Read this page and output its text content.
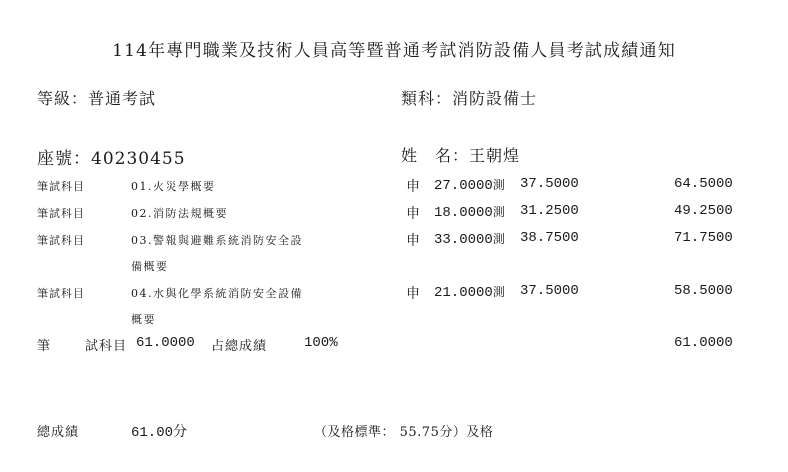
114年專門職業及技術人員高等暨普通考試消防設備人員考試成績通知
等級：普通考試	類科：消防設備士
座號：40230455	姓　名：王朝煌
筆試科目	01.火災學概要	申 27.0000測 37.5000	64.5000
筆試科目	02.消防法規概要	申 18.0000測 31.2500	49.2500
筆試科目	03.警報與避難系統消防安全設
備概要
申 33.0000測 38.7500	71.7500
筆試科目	04.水與化學系統消防安全設備
概要
申 21.0000測 37.5000	58.5000
筆	試科目 61.0000 占總成績	100%	61.0000
總成績	61.00分	（及格標準： 55.75分）及格
